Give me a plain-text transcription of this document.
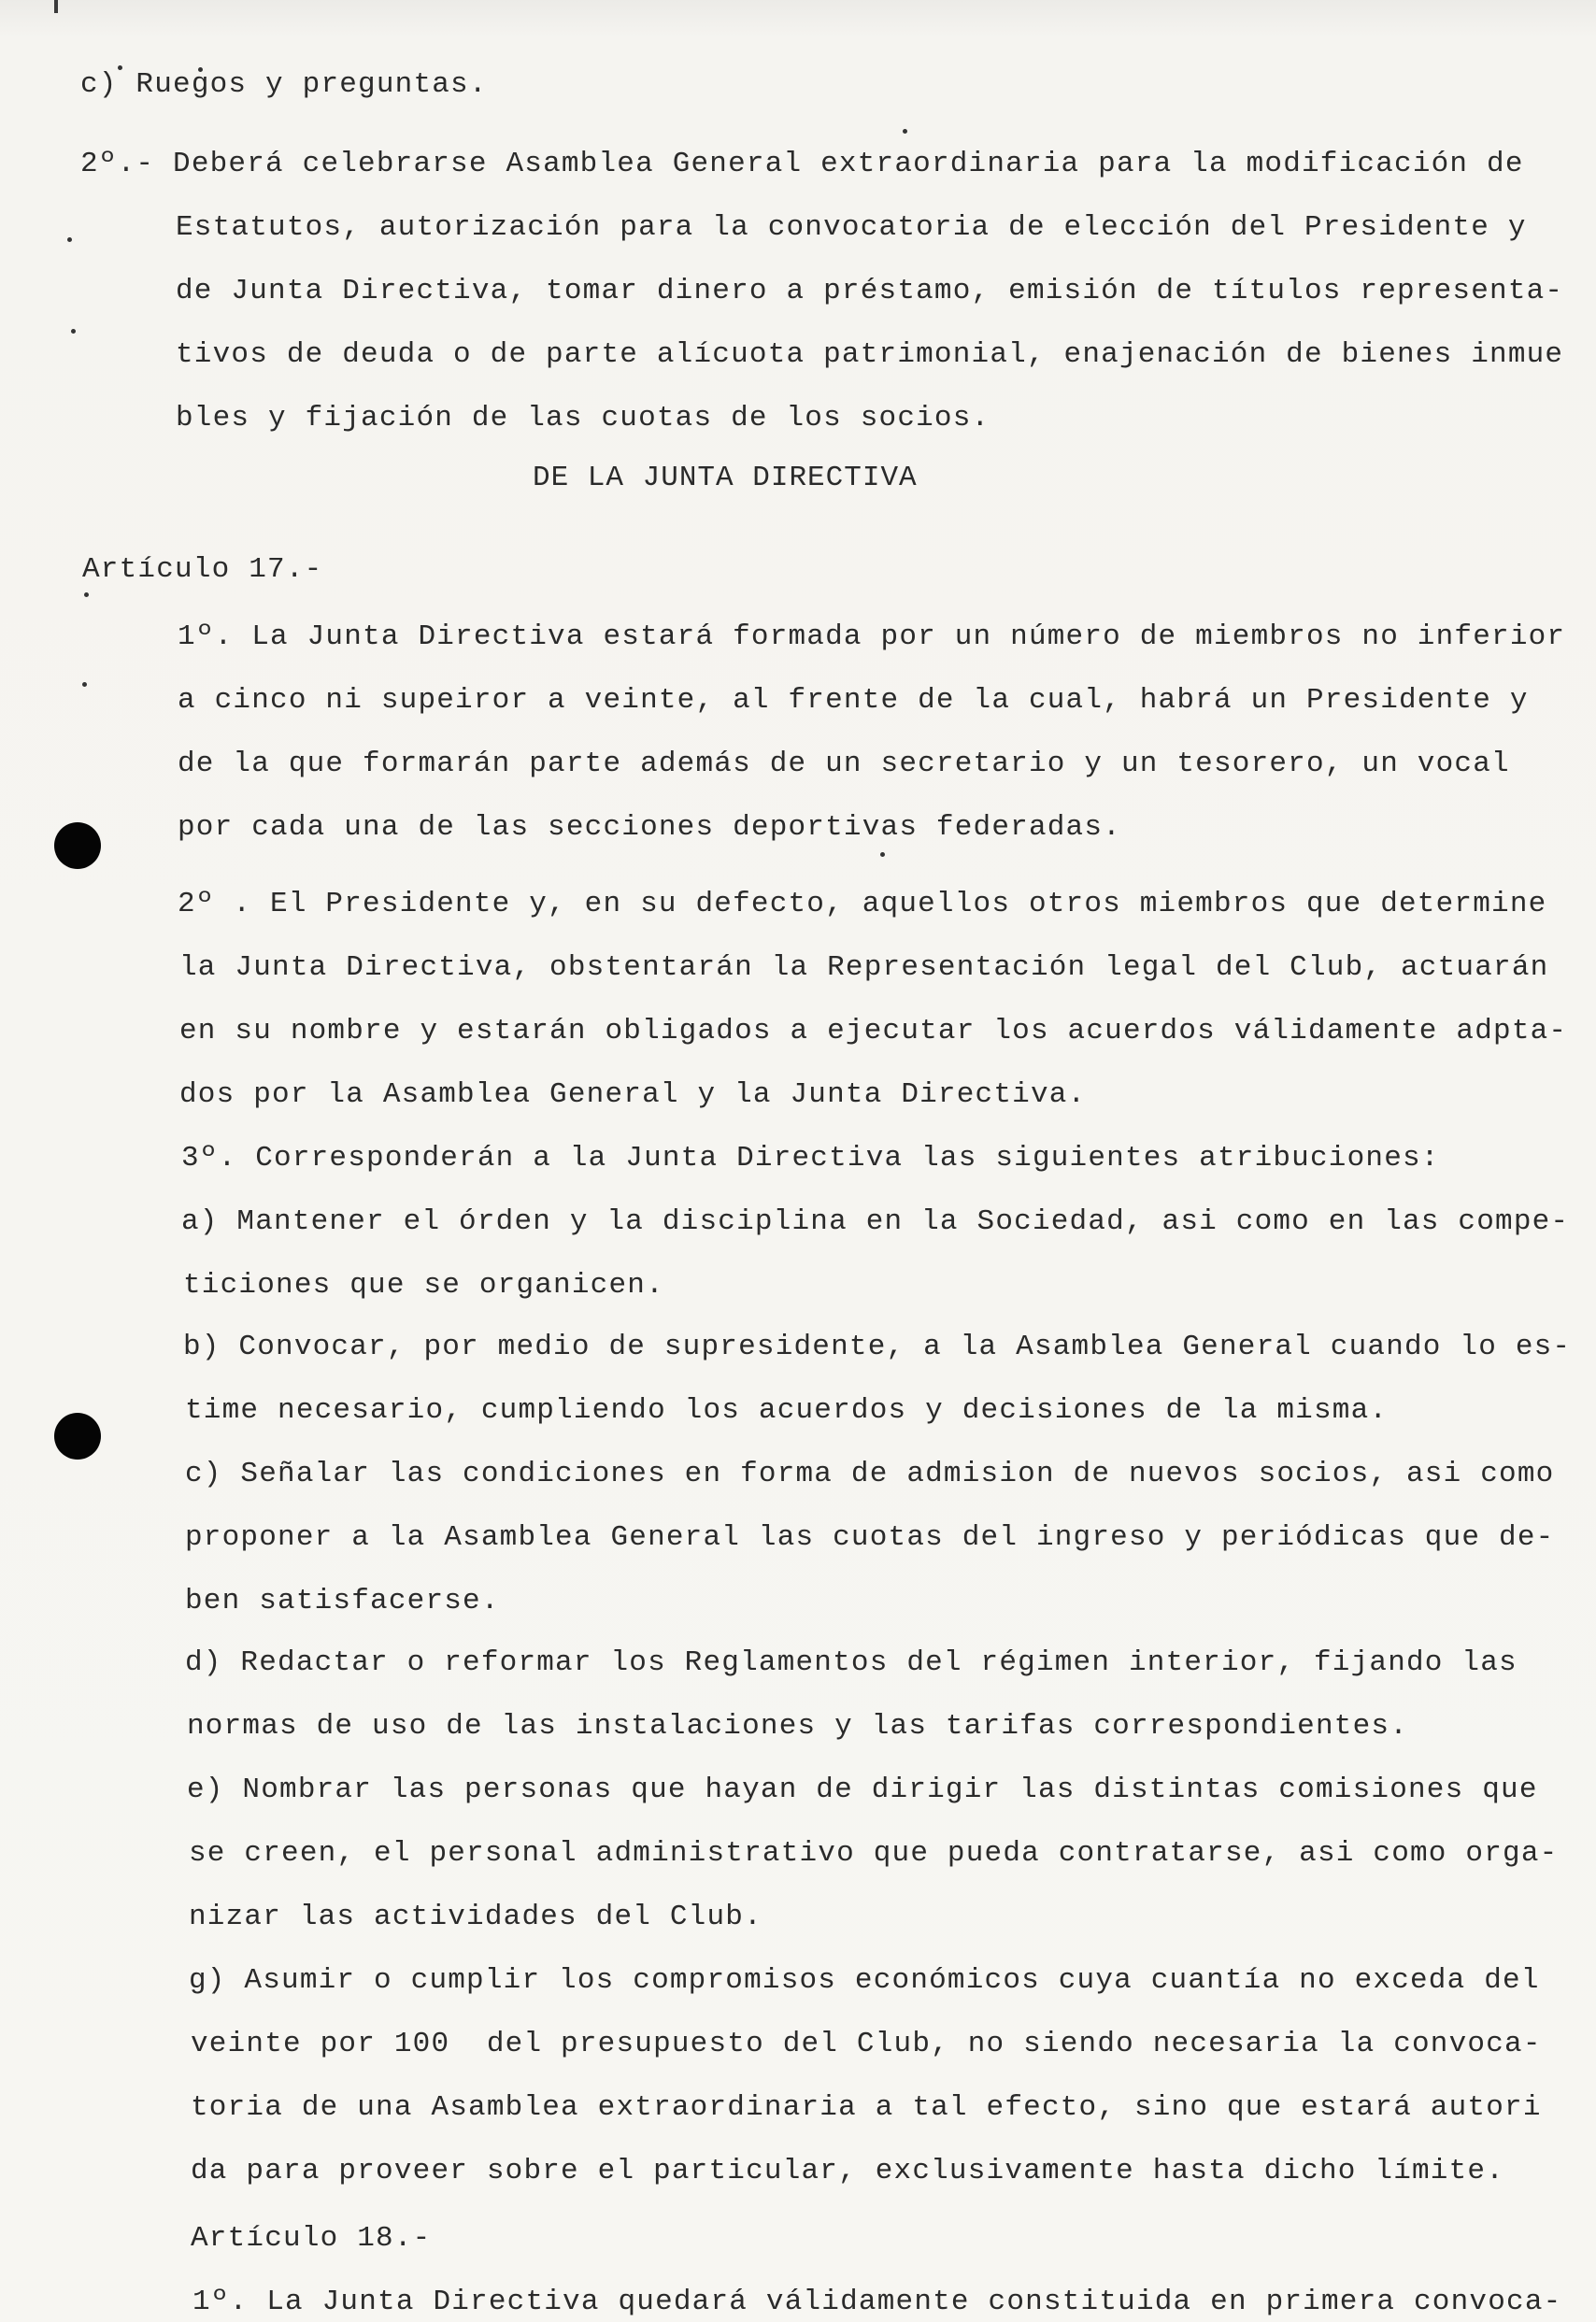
c) Ruegos y preguntas.
2º.- Deberá celebrarse Asamblea General extraordinaria para la modificación de
Estatutos, autorización para la convocatoria de elección del Presidente y
de Junta Directiva, tomar dinero a préstamo, emisión de títulos representa-
tivos de deuda o de parte alícuota patrimonial, enajenación de bienes inmue
bles y fijación de las cuotas de los socios.
DE LA JUNTA DIRECTIVA
Artículo 17.-
1º. La Junta Directiva estará formada por un número de miembros no inferior
a cinco ni supeiror a veinte, al frente de la cual, habrá un Presidente y
de la que formarán parte además de un secretario y un tesorero, un vocal
por cada una de las secciones deportivas federadas.
2º . El Presidente y, en su defecto, aquellos otros miembros que determine
la Junta Directiva, obstentarán la Representación legal del Club, actuarán
en su nombre y estarán obligados a ejecutar los acuerdos válidamente adpta-
dos por la Asamblea General y la Junta Directiva.
3º. Corresponderán a la Junta Directiva las siguientes atribuciones:
a) Mantener el órden y la disciplina en la Sociedad, asi como en las compe-
ticiones que se organicen.
b) Convocar, por medio de supresidente, a la Asamblea General cuando lo es-
time necesario, cumpliendo los acuerdos y decisiones de la misma.
c) Señalar las condiciones en forma de admision de nuevos socios, asi como
proponer a la Asamblea General las cuotas del ingreso y periódicas que de-
ben satisfacerse.
d) Redactar o reformar los Reglamentos del régimen interior, fijando las
normas de uso de las instalaciones y las tarifas correspondientes.
e) Nombrar las personas que hayan de dirigir las distintas comisiones que
se creen, el personal administrativo que pueda contratarse, asi como orga-
nizar las actividades del Club.
g) Asumir o cumplir los compromisos económicos cuya cuantía no exceda del
veinte por 100  del presupuesto del Club, no siendo necesaria la convoca-
toria de una Asamblea extraordinaria a tal efecto, sino que estará autori
da para proveer sobre el particular, exclusivamente hasta dicho límite.
Artículo 18.-
1º. La Junta Directiva quedará válidamente constituida en primera convoca-
